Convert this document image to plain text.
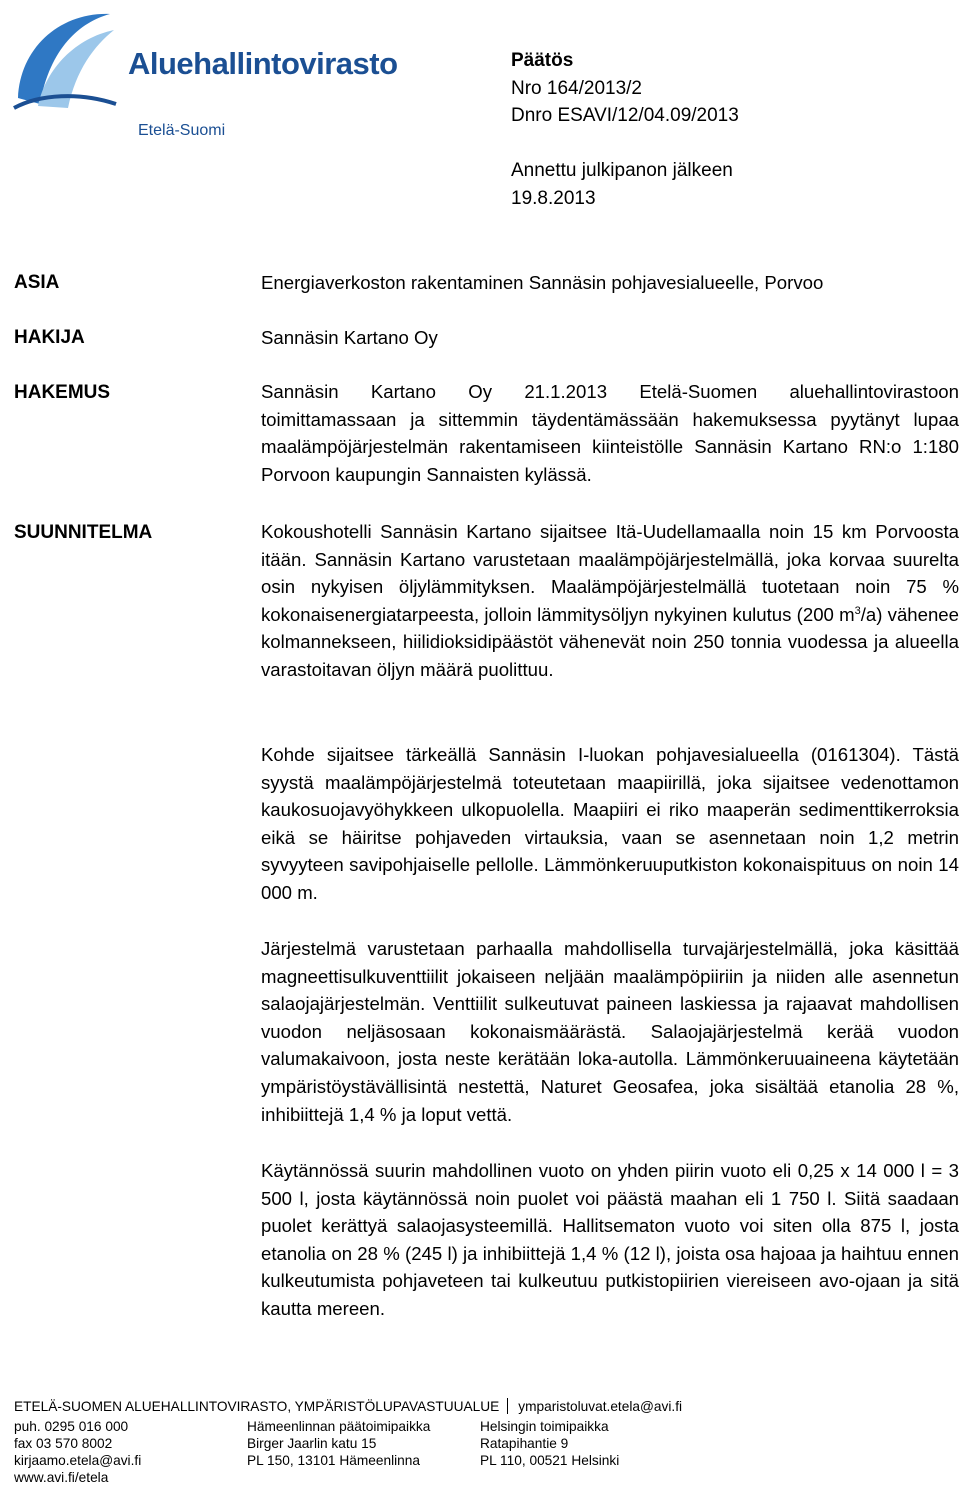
Aluehallintovirasto
Etelä-Suomi
Päätös
Nro 164/2013/2
Dnro ESAVI/12/04.09/2013
Annettu julkipanon jälkeen
19.8.2013
ASIA	Energiaverkoston rakentaminen Sannäsin pohjavesialueelle, Porvoo
HAKIJA	Sannäsin Kartano Oy
HAKEMUS	Sannäsin Kartano Oy 21.1.2013 Etelä-Suomen aluehallintovirastoon toimittamassaan ja sittemmin täydentämässään hakemuksessa pyytänyt lupaa maalämpöjärjestelmän rakentamiseen kiinteistölle Sannäsin Kartano RN:o 1:180 Porvoon kaupungin Sannaisten kylässä.
SUUNNITELMA	Kokoushotelli Sannäsin Kartano sijaitsee Itä-Uudellamaalla noin 15 km Porvoosta itään. Sannäsin Kartano varustetaan maalämpöjärjestelmällä, joka korvaa suurelta osin nykyisen öljylämmityksen. Maalämpöjärjestelmällä tuotetaan noin 75 % kokonaisenergiatarpeesta, jolloin lämmitysöljyn nykyinen kulutus (200 $m^3/a$) vähenee kolmannekseen, hiilidioksidipäästöt vähenevät noin 250 tonnia vuodessa ja alueella varastoitavan öljyn määrä puolittuu.
Kohde sijaitsee tärkeällä Sannäsin I-luokan pohjavesialueella (0161304). Tästä syystä maalämpöjärjestelmä toteutetaan maapiirillä, joka sijaitsee vedenottamon kaukosuojavyöhykkeen ulkopuolella. Maapiiri ei riko maaperän sedimenttikerroksia eikä se häiritse pohjaveden virtauksia, vaan se asennetaan noin 1,2 metrin syvyyteen savipohjaiselle pellolle. Lämmönkeruuputkiston kokonaispituus on noin 14 000 m.
Järjestelmä varustetaan parhaalla mahdollisella turvajärjestelmällä, joka käsittää magneettisulkuventtiilit jokaiseen neljään maalämpöpiiriin ja niiden alle asennetun salaojajärjestelmän. Venttiilit sulkeutuvat paineen laskiessa ja rajaavat mahdollisen vuodon neljäsosaan kokonaismäärästä. Salaojajärjestelmä kerää vuodon valumakaivoon, josta neste kerätään loka-autolla. Lämmönkeruuaineena käytetään ympäristöystävällisintä nestettä, Naturet Geosafea, joka sisältää etanolia 28 %, inhibiittejä 1,4 % ja loput vettä.
Käytännössä suurin mahdollinen vuoto on yhden piirin vuoto eli 0,25 x 14 000 l = 3 500 l, josta käytännössä noin puolet voi päästä maahan eli 1 750 l. Siitä saadaan puolet kerättyä salaojasysteemillä. Hallitsematon vuoto voi siten olla 875 l, josta etanolia on 28 % (245 l) ja inhibiittejä 1,4 % (12 l), joista osa hajoaa ja haihtuu ennen kulkeutumista pohjaveteen tai kulkeutuu putkistopiirien viereiseen avo-ojaan ja sitä kautta mereen.
ETELÄ-SUOMEN ALUEHALLINTOVIRASTO, YMPÄRISTÖLUPAVASTUUALUE ymparistoluvat.etela@avi.fi
puh. 0295 016 000
fax 03 570 8002
kirjaamo.etela@avi.fi
www.avi.fi/etela
Hämeenlinnan päätoimipaikka
Birger Jaarlin katu 15
PL 150, 13101 Hämeenlinna
Helsingin toimipaikka
Ratapihantie 9
PL 110, 00521 Helsinki
